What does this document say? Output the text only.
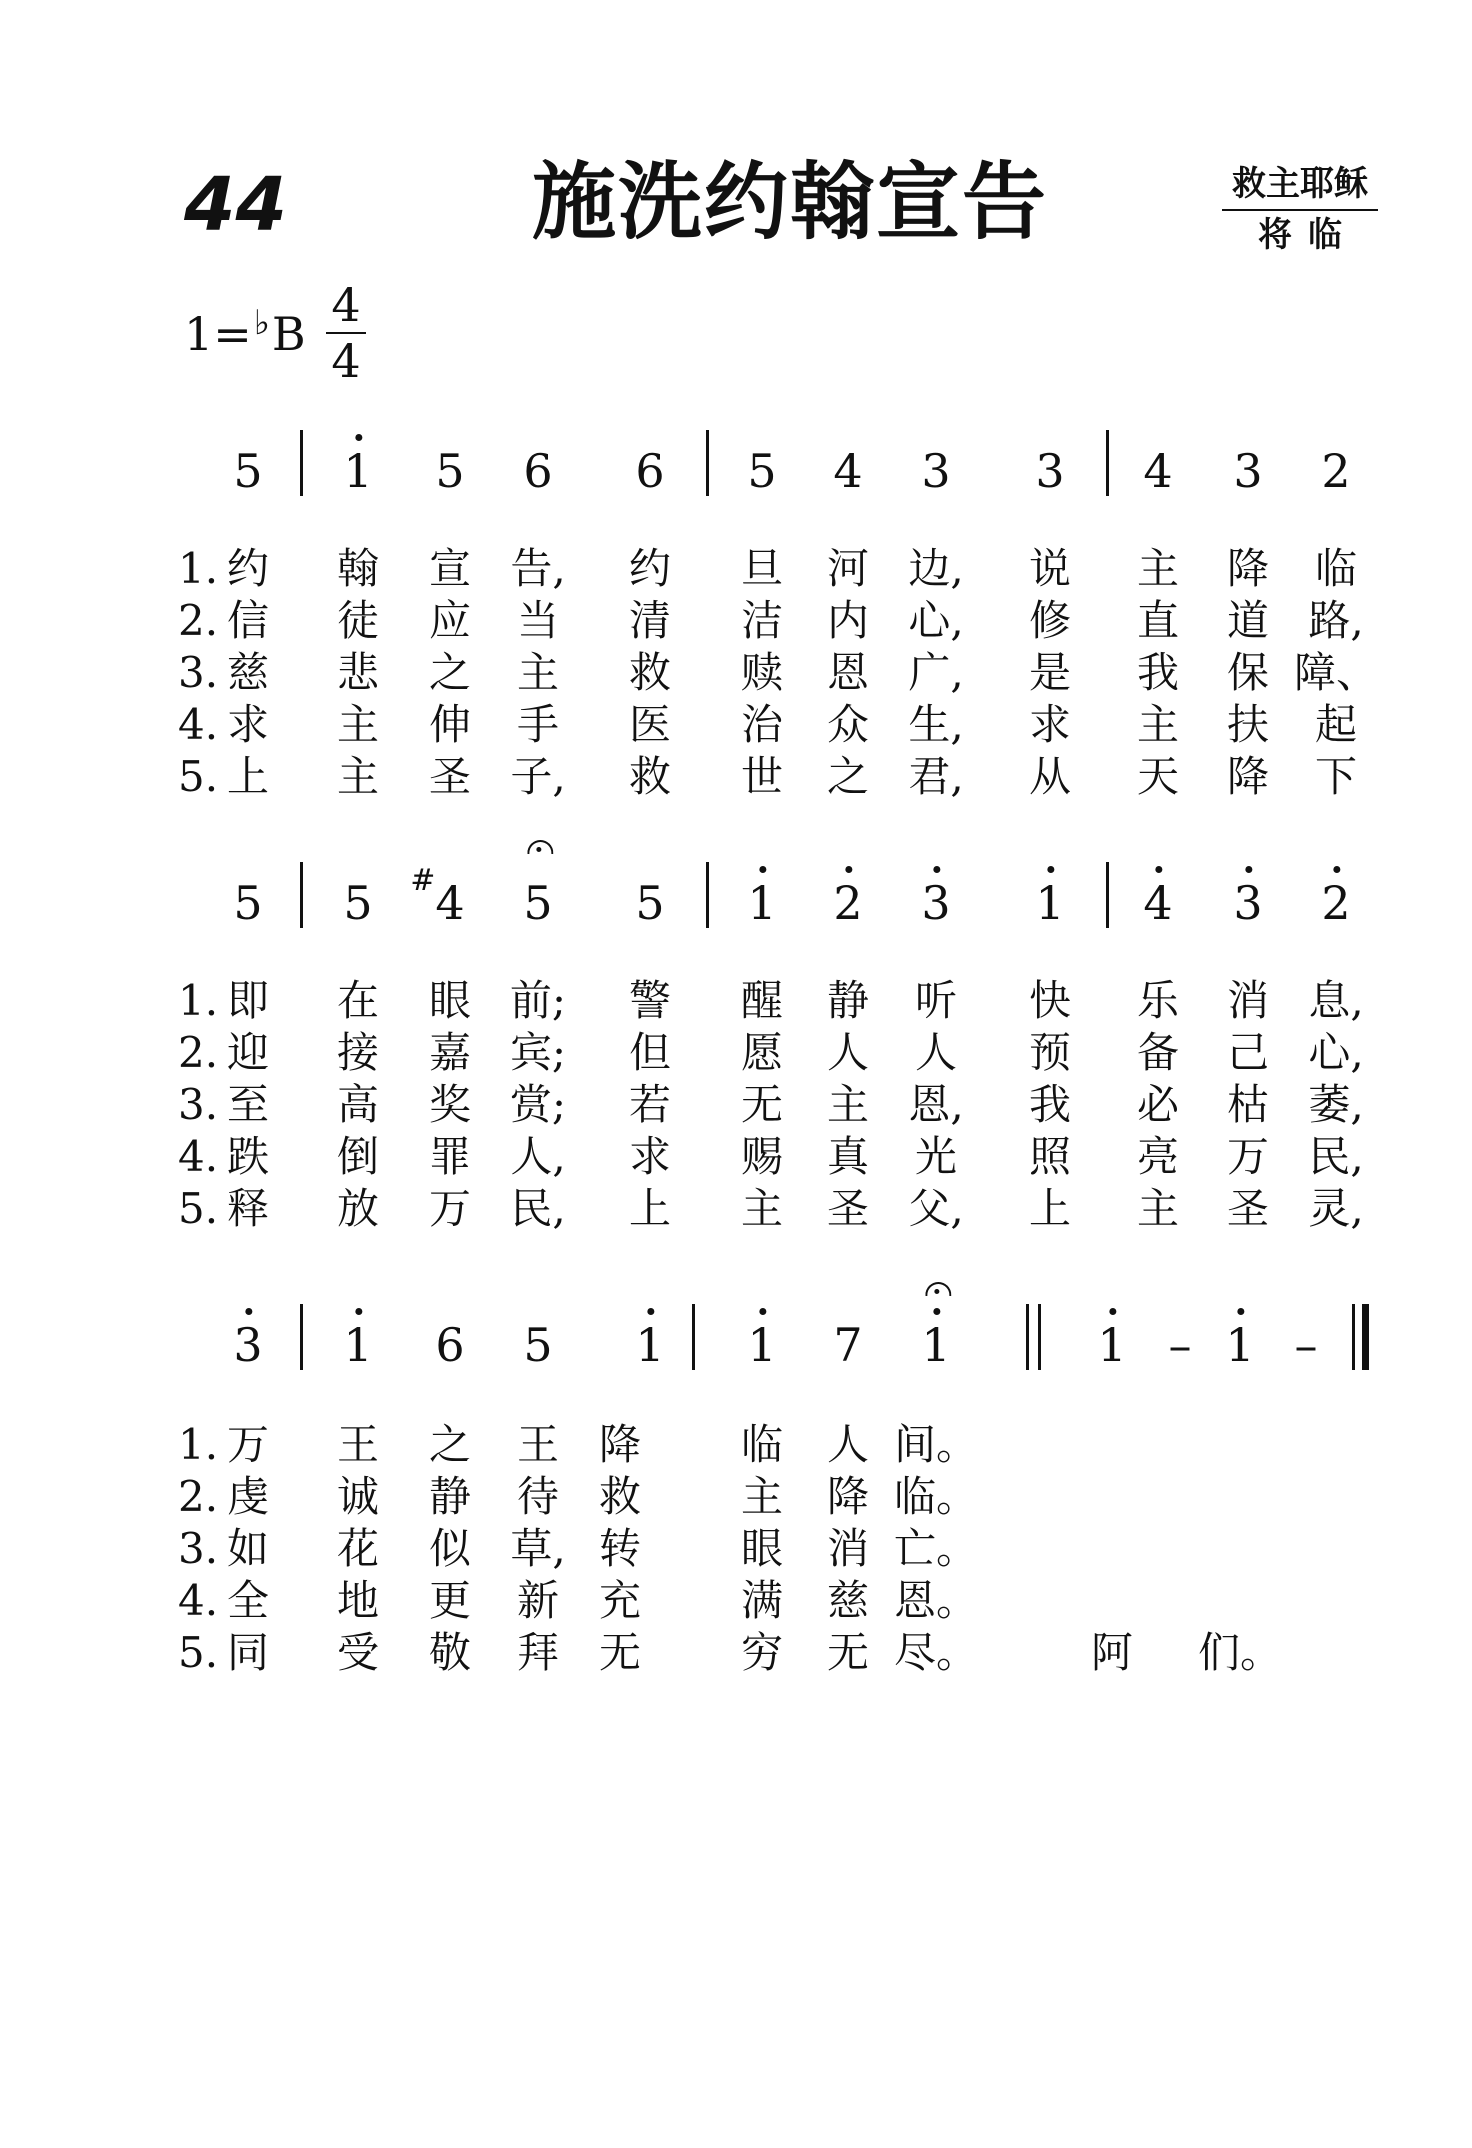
44	施洗约翰宣告	救主耶稣
将临
1=♭B
4
4
5 1 5 6 6 5 4 3 3 4 3 2
1. 约 翰 宣 告, 约 旦 河 边, 说 主 降 临
2. 信 徒 应 当 清 洁 内 心, 修 直 道 路,
3. 慈 悲 之 主 救 赎 恩 广, 是 我 保 障、
4. 求 主 伸 手 医 治 众 生, 求 主 扶 起
5. 上 主 圣 子, 救 世 之 君, 从 天 降 下
5 5 4
# 5 5 1 2 3 1 4 3 2
1. 即 在 眼 前; 警 醒 静 听 快 乐 消 息,
2. 迎 接 嘉 宾; 但 愿 人 人 预 备 己 心,
3. 至 高 奖 赏; 若 无 主 恩, 我 必 枯 萎,
4. 跌 倒 罪 人, 求 赐 真 光 照 亮 万 民,
5. 释 放 万 民, 上 主 圣 父, 上 主 圣 灵,
3 1 6 5 1 1 7 1	1 – 1 –
1. 万 王 之 王 降 临 人 间。
2. 虔 诚 静 待 救 主 降 临。
3. 如 花 似 草, 转 眼 消 亡。
4. 全 地 更 新 充 满 慈 恩。
5. 同 受 敬 拜 无 穷 无 尽。	阿 们。
